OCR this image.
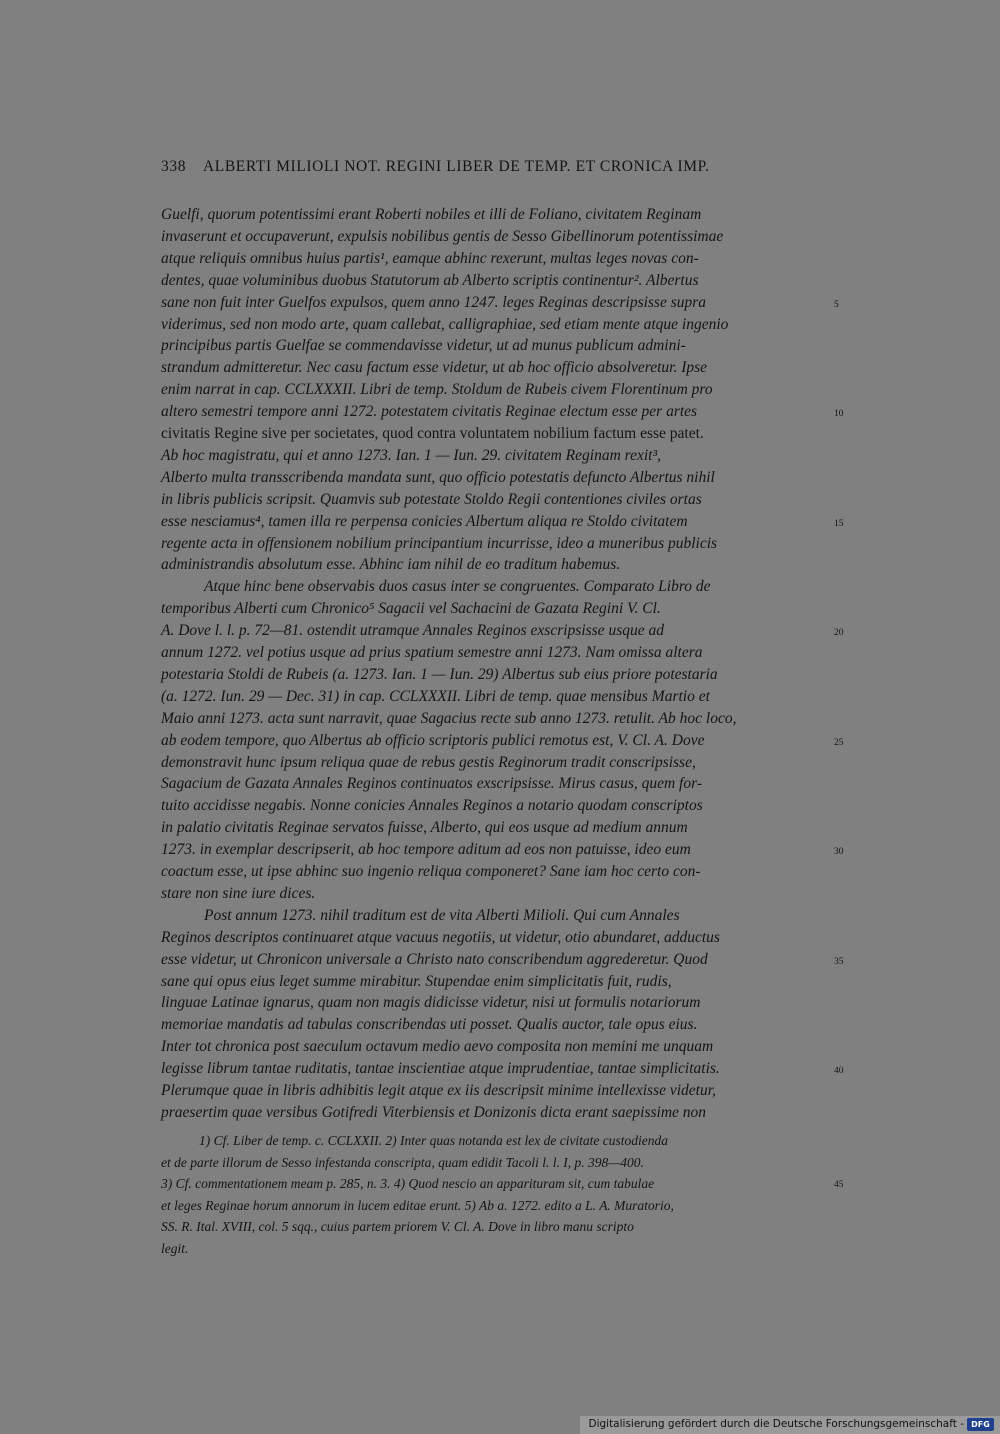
338 ALBERTI MILIOLI NOT. REGINI LIBER DE TEMP. ET CRONICA IMP.
Guelfi, quorum potentissimi erant Roberti nobiles et illi de Foliano, civitatem Reginam
invaserunt et occupaverunt, expulsis nobilibus gentis de Sesso Gibellinorum potentissimae
atque reliquis omnibus huius partis¹, eamque abhinc rexerunt, multas leges novas con-
dentes, quae voluminibus duobus Statutorum ab Alberto scriptis continentur². Albertus
sane non fuit inter Guelfos expulsos, quem anno 1247. leges Reginas descripsisse supra	5
viderimus, sed non modo arte, quam callebat, calligraphiae, sed etiam mente atque ingenio
principibus partis Guelfae se commendavisse videtur, ut ad munus publicum admini-
strandum admitteretur. Nec casu factum esse videtur, ut ab hoc officio absolveretur. Ipse
enim narrat in cap. CCLXXXII. Libri de temp. Stoldum de Rubeis civem Florentinum pro
altero semestri tempore anni 1272. potestatem civitatis Reginae electum esse per artes	10
civitatis Regine sive per societates, quod contra voluntatem nobilium factum esse patet.
Ab hoc magistratu, qui et anno 1273. Ian. 1 — Iun. 29. civitatem Reginam rexit³,
Alberto multa transscribenda mandata sunt, quo officio potestatis defuncto Albertus nihil
in libris publicis scripsit. Quamvis sub potestate Stoldo Regii contentiones civiles ortas
esse nesciamus⁴, tamen illa re perpensa conicies Albertum aliqua re Stoldo civitatem	15
regente acta in offensionem nobilium principantium incurrisse, ideo a muneribus publicis
administrandis absolutum esse. Abhinc iam nihil de eo traditum habemus.
Atque hinc bene observabis duos casus inter se congruentes. Comparato Libro de
temporibus Alberti cum Chronico⁵ Sagacii vel Sachacini de Gazata Regini V. Cl.
A. Dove l. l. p. 72—81. ostendit utramque Annales Reginos exscripsisse usque ad	20
annum 1272. vel potius usque ad prius spatium semestre anni 1273. Nam omissa altera
potestaria Stoldi de Rubeis (a. 1273. Ian. 1 — Iun. 29) Albertus sub eius priore potestaria
(a. 1272. Iun. 29 — Dec. 31) in cap. CCLXXXII. Libri de temp. quae mensibus Martio et
Maio anni 1273. acta sunt narravit, quae Sagacius recte sub anno 1273. retulit. Ab hoc loco,
ab eodem tempore, quo Albertus ab officio scriptoris publici remotus est, V. Cl. A. Dove	25
demonstravit hunc ipsum reliqua quae de rebus gestis Reginorum tradit conscripsisse,
Sagacium de Gazata Annales Reginos continuatos exscripsisse. Mirus casus, quem for-
tuito accidisse negabis. Nonne conicies Annales Reginos a notario quodam conscriptos
in palatio civitatis Reginae servatos fuisse, Alberto, qui eos usque ad medium annum
1273. in exemplar descripserit, ab hoc tempore aditum ad eos non patuisse, ideo eum	30
coactum esse, ut ipse abhinc suo ingenio reliqua componeret? Sane iam hoc certo con-
stare non sine iure dices.
Post annum 1273. nihil traditum est de vita Alberti Milioli. Qui cum Annales
Reginos descriptos continuaret atque vacuus negotiis, ut videtur, otio abundaret, adductus
esse videtur, ut Chronicon universale a Christo nato conscribendum aggrederetur. Quod	35
sane qui opus eius leget summe mirabitur. Stupendae enim simplicitatis fuit, rudis,
linguae Latinae ignarus, quam non magis didicisse videtur, nisi ut formulis notariorum
memoriae mandatis ad tabulas conscribendas uti posset. Qualis auctor, tale opus eius.
Inter tot chronica post saeculum octavum medio aevo composita non memini me unquam
legisse librum tantae ruditatis, tantae inscientiae atque imprudentiae, tantae simplicitatis.	40
Plerumque quae in libris adhibitis legit atque ex iis descripsit minime intellexisse videtur,
praesertim quae versibus Gotifredi Viterbiensis et Donizonis dicta erant saepissime non
1) Cf. Liber de temp. c. CCLXXII. 2) Inter quas notanda est lex de civitate custodienda
et de parte illorum de Sesso infestanda conscripta, quam edidit Tacoli l. l. I, p. 398—400.
3) Cf. commentationem meam p. 285, n. 3. 4) Quod nescio an apparituram sit, cum tabulae	45
et leges Reginae horum annorum in lucem editae erunt. 5) Ab a. 1272. edito a L. A. Muratorio,
SS. R. Ital. XVIII, col. 5 sqq., cuius partem priorem V. Cl. A. Dove in libro manu scripto
legit.
Digitalisierung gefördert durch die Deutsche Forschungsgemeinschaft - DFG
